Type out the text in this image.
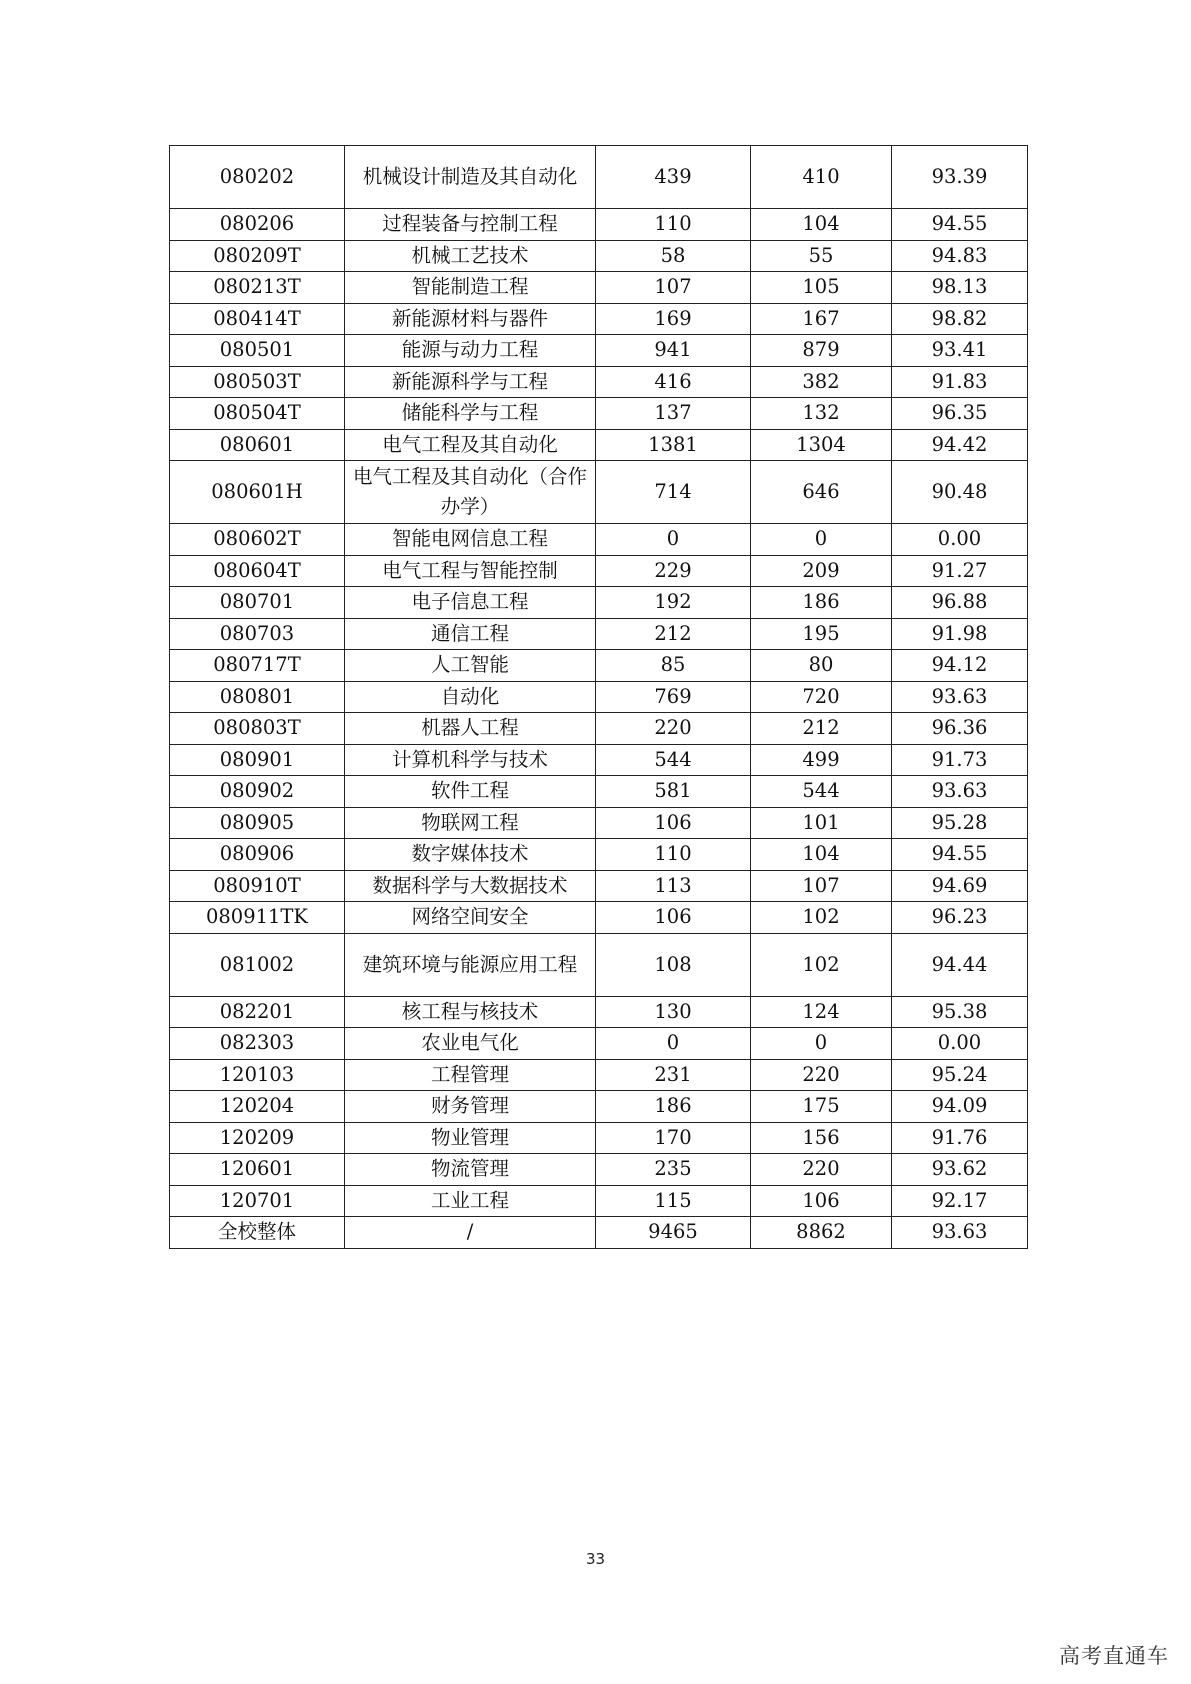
080202	机械设计制造及其自动化	439	410	93.39
080206	过程装备与控制工程	110	104	94.55
080209T	机械工艺技术	58	55	94.83
080213T	智能制造工程	107	105	98.13
080414T	新能源材料与器件	169	167	98.82
080501	能源与动力工程	941	879	93.41
080503T	新能源科学与工程	416	382	91.83
080504T	储能科学与工程	137	132	96.35
080601	电气工程及其自动化	1381	1304	94.42
080601H	电气工程及其自动化（合作办学）	714	646	90.48
080602T	智能电网信息工程	0	0	0.00
080604T	电气工程与智能控制	229	209	91.27
080701	电子信息工程	192	186	96.88
080703	通信工程	212	195	91.98
080717T	人工智能	85	80	94.12
080801	自动化	769	720	93.63
080803T	机器人工程	220	212	96.36
080901	计算机科学与技术	544	499	91.73
080902	软件工程	581	544	93.63
080905	物联网工程	106	101	95.28
080906	数字媒体技术	110	104	94.55
080910T	数据科学与大数据技术	113	107	94.69
080911TK	网络空间安全	106	102	96.23
081002	建筑环境与能源应用工程	108	102	94.44
082201	核工程与核技术	130	124	95.38
082303	农业电气化	0	0	0.00
120103	工程管理	231	220	95.24
120204	财务管理	186	175	94.09
120209	物业管理	170	156	91.76
120601	物流管理	235	220	93.62
120701	工业工程	115	106	92.17
全校整体	/	9465	8862	93.63
33
高考直通车
